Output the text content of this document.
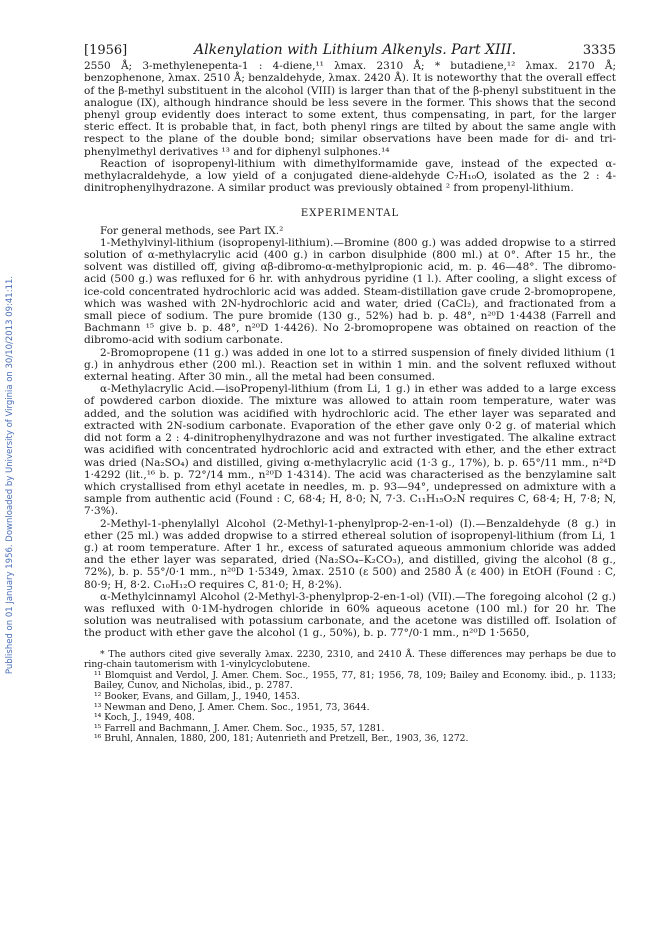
Published on 01 January 1956. Downloaded by University of Virginia on 30/10/2013 09:41:11.
[1956]	Alkenylation with Lithium Alkenyls. Part XIII.	3335

2550 Å; 3-methylenepenta-1 : 4-diene,¹¹ λmax. 2310 Å; * butadiene,¹² λmax. 2170 Å; benzophenone, λmax. 2510 Å; benzaldehyde, λmax. 2420 Å). It is noteworthy that the overall effect of the β-methyl substituent in the alcohol (VIII) is larger than that of the β-phenyl substituent in the analogue (IX), although hindrance should be less severe in the former. This shows that the second phenyl group evidently does interact to some extent, thus compensating, in part, for the larger steric effect. It is probable that, in fact, both phenyl rings are tilted by about the same angle with respect to the plane of the double bond; similar observations have been made for di- and tri-phenylmethyl derivatives ¹³ and for diphenyl sulphones.¹⁴

Reaction of isopropenyl-lithium with dimethylformamide gave, instead of the expected α-methylacraldehyde, a low yield of a conjugated diene-aldehyde C₇H₁₀O, isolated as the 2 : 4-dinitrophenylhydrazone. A similar product was previously obtained ² from propenyl-lithium.

EXPERIMENTAL

For general methods, see Part IX.²

1-Methylvinyl-lithium (isopropenyl-lithium).—Bromine (800 g.) was added dropwise to a stirred solution of α-methylacrylic acid (400 g.) in carbon disulphide (800 ml.) at 0°. After 15 hr., the solvent was distilled off, giving αβ-dibromo-α-methylpropionic acid, m. p. 46—48°. The dibromo-acid (500 g.) was refluxed for 6 hr. with anhydrous pyridine (1 l.). After cooling, a slight excess of ice-cold concentrated hydrochloric acid was added. Steam-distillation gave crude 2-bromopropene, which was washed with 2N-hydrochloric acid and water, dried (CaCl₂), and fractionated from a small piece of sodium. The pure bromide (130 g., 52%) had b. p. 48°, n²⁰D 1·4438 (Farrell and Bachmann ¹⁵ give b. p. 48°, n²⁰D 1·4426). No 2-bromopropene was obtained on reaction of the dibromo-acid with sodium carbonate.

2-Bromopropene (11 g.) was added in one lot to a stirred suspension of finely divided lithium (1 g.) in anhydrous ether (200 ml.). Reaction set in within 1 min. and the solvent refluxed without external heating. After 30 min., all the metal had been consumed.

α-Methylacrylic Acid.—isoPropenyl-lithium (from Li, 1 g.) in ether was added to a large excess of powdered carbon dioxide. The mixture was allowed to attain room temperature, water was added, and the solution was acidified with hydrochloric acid. The ether layer was separated and extracted with 2N-sodium carbonate. Evaporation of the ether gave only 0·2 g. of material which did not form a 2 : 4-dinitrophenylhydrazone and was not further investigated. The alkaline extract was acidified with concentrated hydrochloric acid and extracted with ether, and the ether extract was dried (Na₂SO₄) and distilled, giving α-methylacrylic acid (1·3 g., 17%), b. p. 65°/11 mm., n²⁴D 1·4292 (lit.,¹⁶ b. p. 72°/14 mm., n²⁰D 1·4314). The acid was characterised as the benzylamine salt which crystallised from ethyl acetate in needles, m. p. 93—94°, undepressed on admixture with a sample from authentic acid (Found : C, 68·4; H, 8·0; N, 7·3. C₁₁H₁₅O₂N requires C, 68·4; H, 7·8; N, 7·3%).

2-Methyl-1-phenylallyl Alcohol (2-Methyl-1-phenylprop-2-en-1-ol) (I).—Benzaldehyde (8 g.) in ether (25 ml.) was added dropwise to a stirred ethereal solution of isopropenyl-lithium (from Li, 1 g.) at room temperature. After 1 hr., excess of saturated aqueous ammonium chloride was added and the ether layer was separated, dried (Na₂SO₄–K₂CO₃), and distilled, giving the alcohol (8 g., 72%), b. p. 55°/0·1 mm., n²⁰D 1·5349, λmax. 2510 (ε 500) and 2580 Å (ε 400) in EtOH (Found : C, 80·9; H, 8·2. C₁₀H₁₂O requires C, 81·0; H, 8·2%).

α-Methylcinnamyl Alcohol (2-Methyl-3-phenylprop-2-en-1-ol) (VII).—The foregoing alcohol (2 g.) was refluxed with 0·1M-hydrogen chloride in 60% aqueous acetone (100 ml.) for 20 hr. The solution was neutralised with potassium carbonate, and the acetone was distilled off. Isolation of the product with ether gave the alcohol (1 g., 50%), b. p. 77°/0·1 mm., n²⁰D 1·5650,

* The authors cited give severally λmax. 2230, 2310, and 2410 Å. These differences may perhaps be due to ring-chain tautomerism with 1-vinylcyclobutene.

¹¹ Blomquist and Verdol, J. Amer. Chem. Soc., 1955, 77, 81; 1956, 78, 109; Bailey and Economy. ibid., p. 1133; Bailey, Cunov, and Nicholas, ibid., p. 2787.

¹² Booker, Evans, and Gillam, J., 1940, 1453.

¹³ Newman and Deno, J. Amer. Chem. Soc., 1951, 73, 3644.

¹⁴ Koch, J., 1949, 408.

¹⁵ Farrell and Bachmann, J. Amer. Chem. Soc., 1935, 57, 1281.

¹⁶ Bruhl, Annalen, 1880, 200, 181; Autenrieth and Pretzell, Ber., 1903, 36, 1272.
